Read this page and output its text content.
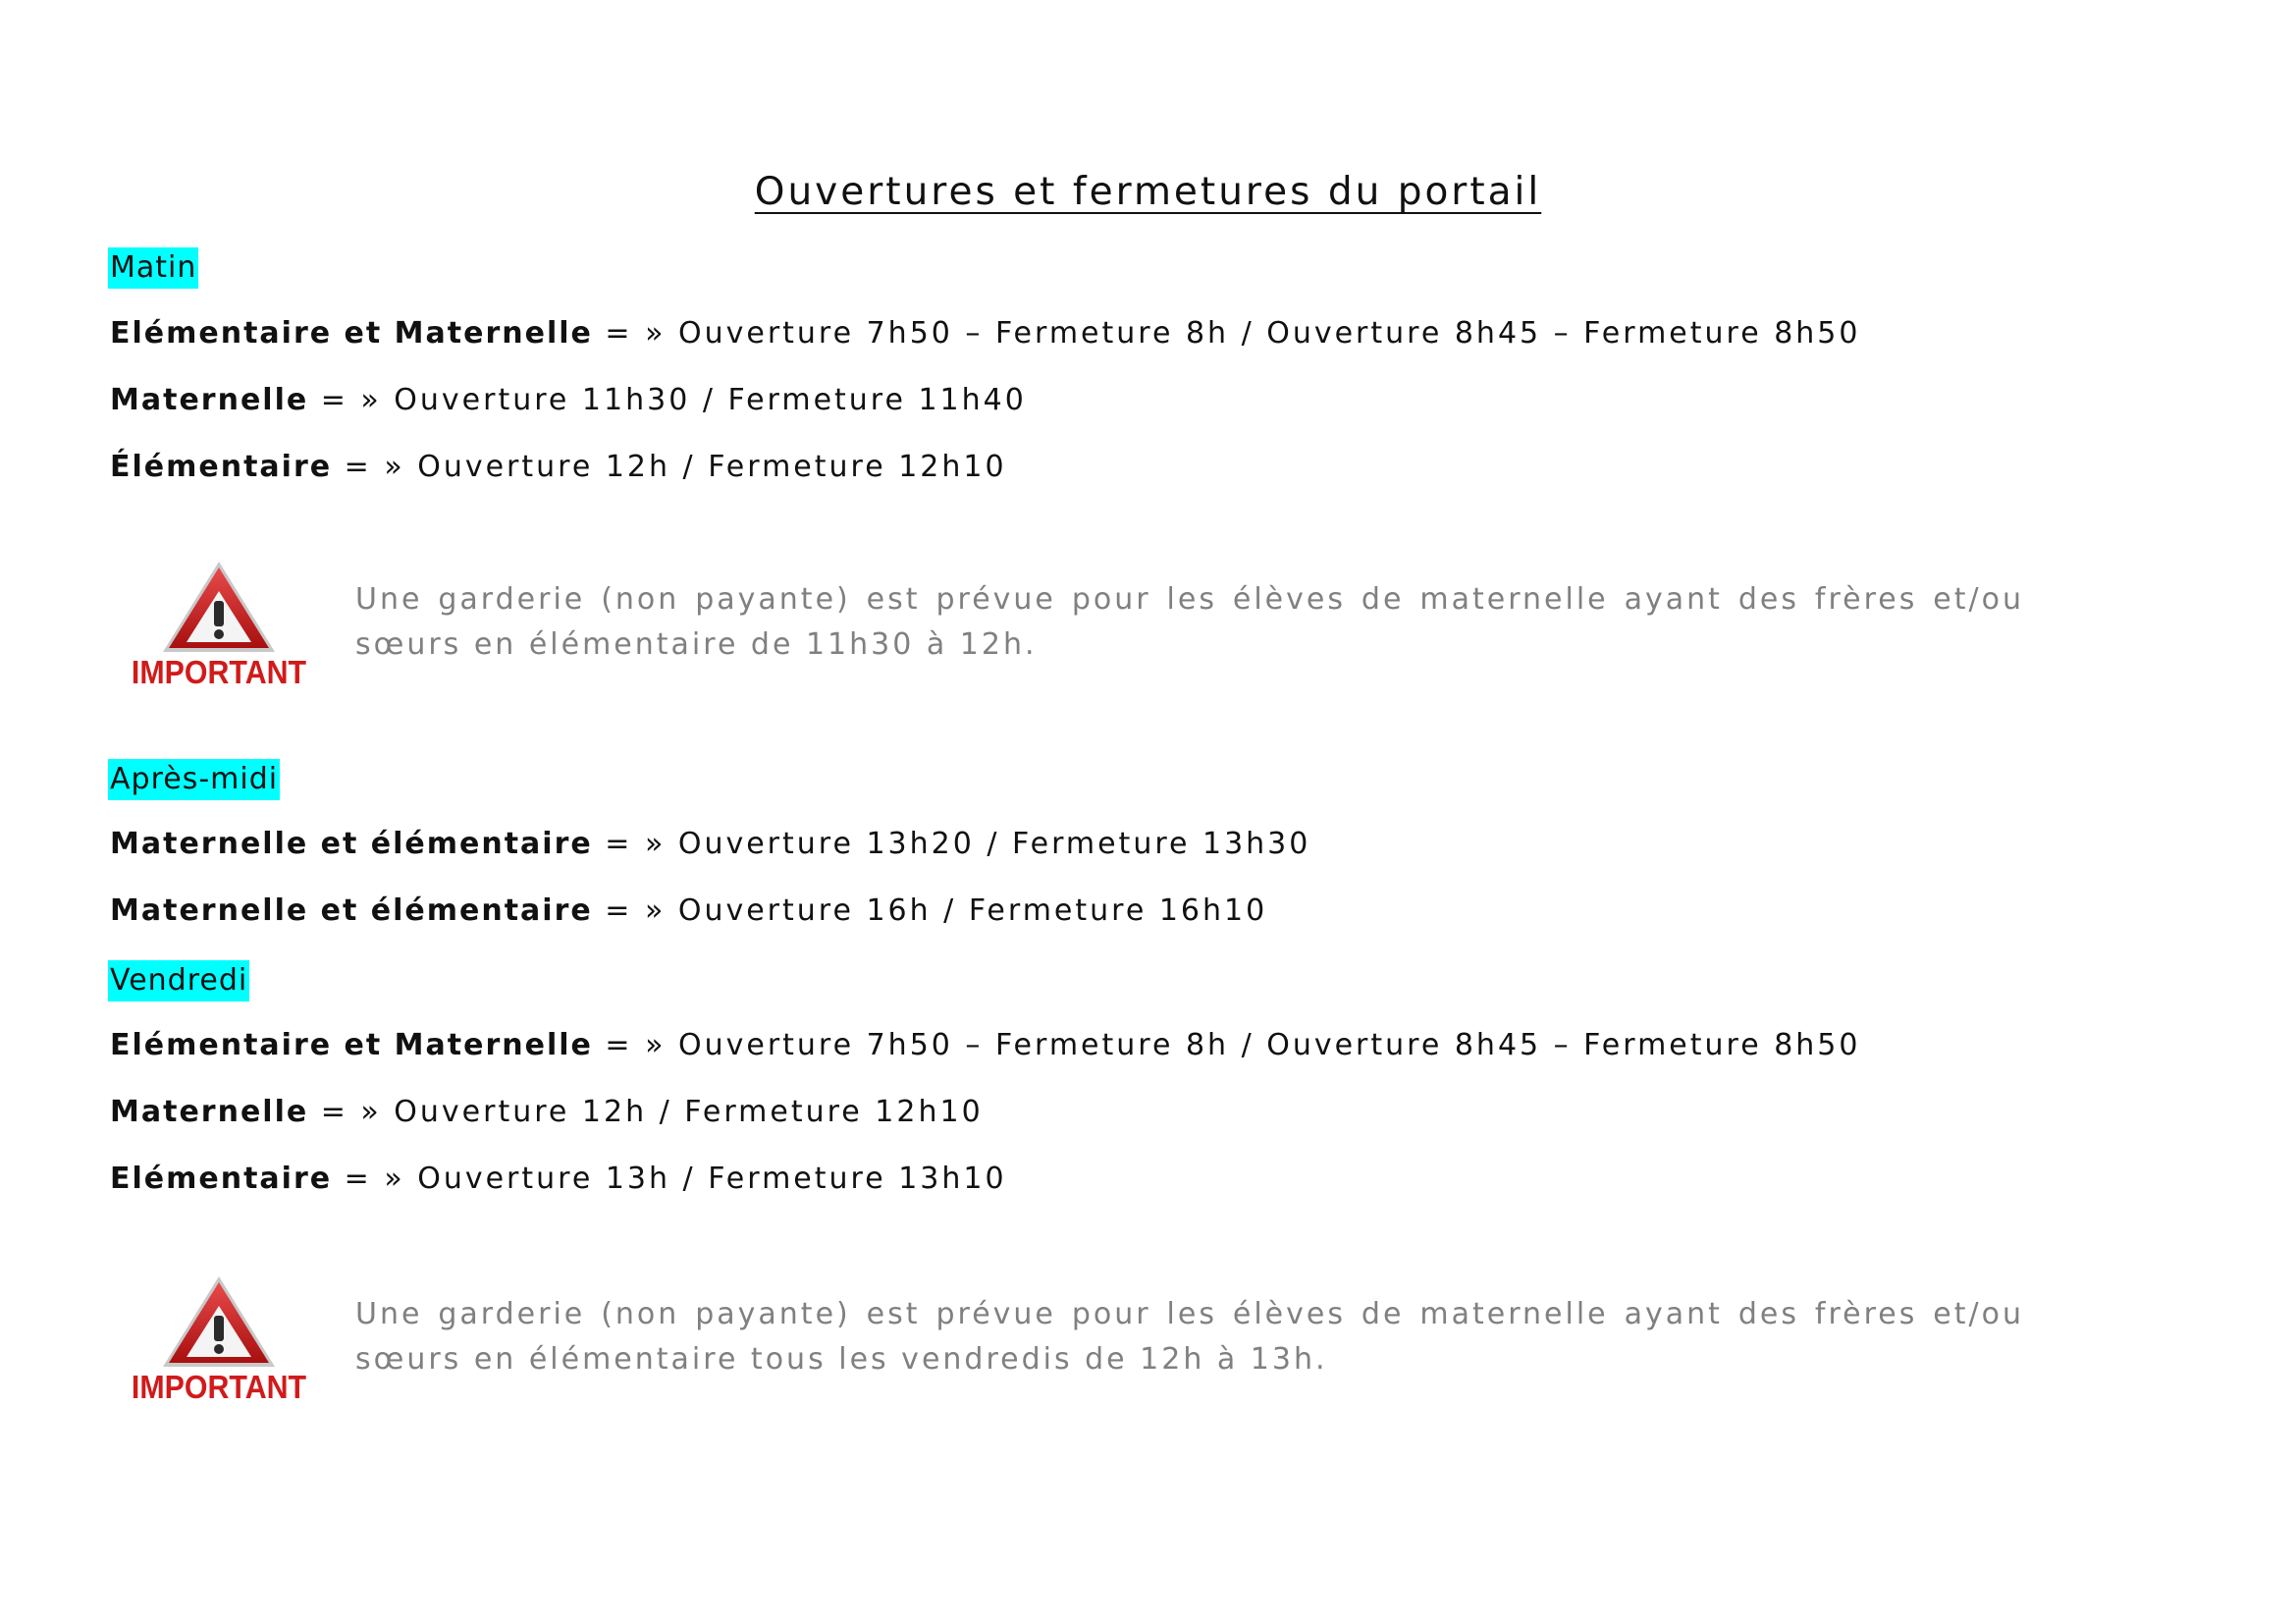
Ouvertures et fermetures du portail
Matin
Elémentaire et Maternelle = » Ouverture 7h50 – Fermeture 8h / Ouverture 8h45 – Fermeture 8h50
Maternelle = » Ouverture 11h30 / Fermeture 11h40
Élémentaire = » Ouverture 12h / Fermeture 12h10
IMPORTANT
Une garderie (non payante) est prévue pour les élèves de maternelle ayant des frères et/ou sœurs en élémentaire de 11h30 à 12h.
Après-midi
Maternelle et élémentaire = » Ouverture 13h20 / Fermeture 13h30
Maternelle et élémentaire = » Ouverture 16h / Fermeture 16h10
Vendredi
Elémentaire et Maternelle = » Ouverture 7h50 – Fermeture 8h / Ouverture 8h45 – Fermeture 8h50
Maternelle = » Ouverture 12h / Fermeture 12h10
Elémentaire = » Ouverture 13h / Fermeture 13h10
IMPORTANT
Une garderie (non payante) est prévue pour les élèves de maternelle ayant des frères et/ou sœurs en élémentaire tous les vendredis de 12h à 13h.
